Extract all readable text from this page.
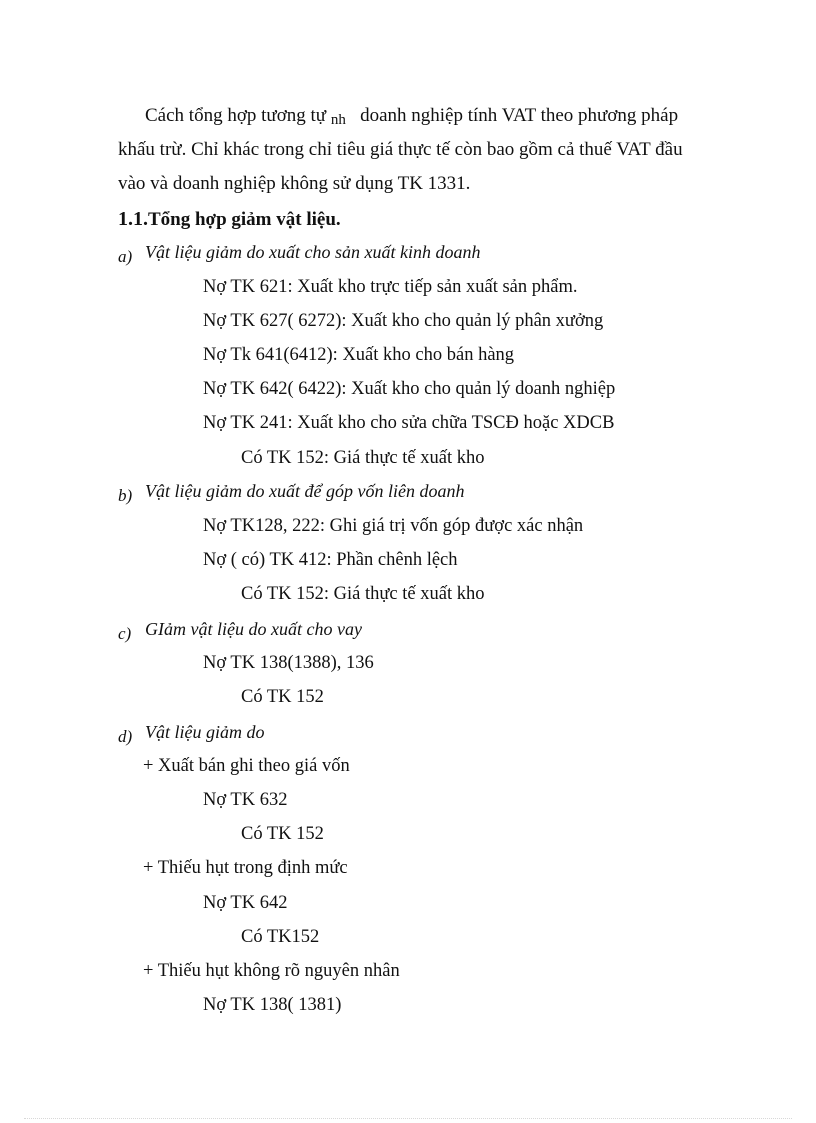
Cách tổng hợp tương tự nh doanh nghiệp tính VAT theo phương pháp
khấu trừ. Chỉ khác trong chỉ tiêu giá thực tế còn bao gồm cả thuế VAT đầu
vào và doanh nghiệp không sử dụng TK 1331.
1.1.Tổng hợp giảm vật liệu.
a) Vật liệu giảm do xuất cho sản xuất kinh doanh
Nợ TK 621: Xuất kho trực tiếp sản xuất sản phẩm.
Nợ TK 627( 6272): Xuất kho cho quản lý phân xưởng
Nợ Tk 641(6412): Xuất kho cho bán hàng
Nợ TK 642( 6422): Xuất kho cho quản lý doanh nghiệp
Nợ TK 241: Xuất kho cho sửa chữa TSCĐ hoặc XDCB
Có TK 152: Giá thực tế xuất kho
b) Vật liệu giảm do xuất để góp vốn liên doanh
Nợ TK128, 222: Ghi giá trị vốn góp được xác nhận
Nợ ( có) TK 412: Phần chênh lệch
Có TK 152: Giá thực tế xuất kho
c) GIảm vật liệu do xuất cho vay
Nợ TK 138(1388), 136
Có TK 152
d) Vật liệu giảm do
+ Xuất bán ghi theo giá vốn
Nợ TK 632
Có TK 152
+ Thiếu hụt trong định mức
Nợ TK 642
Có TK152
+ Thiếu hụt không rõ nguyên nhân
Nợ TK 138( 1381)
